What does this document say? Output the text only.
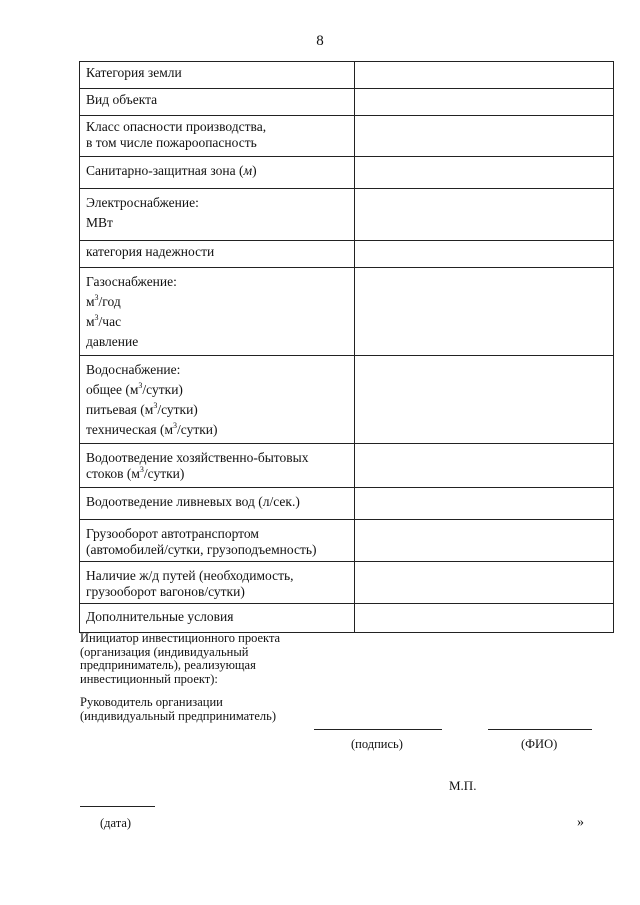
8
Категория земли	

Вид объекта	

Класс опасности производства,
в том числе пожароопасность	

Санитарно-защитная зона (м)	

Электроснабжение:
МВт	

категория надежности	

Газоснабжение:
$м^3$/год
$м^3$/час
давление	

Водоснабжение:
общее $(м^3/сутки)$
питьевая $(м^3/сутки)$
техническая $(м^3/сутки)$	

Водоотведение хозяйственно-бытовых
стоков $(м^3/сутки)$	

Водоотведение ливневых вод (л/сек.)	

Грузооборот автотранспортом
(автомобилей/сутки, грузоподъемность)	

Наличие ж/д путей (необходимость,
грузооборот вагонов/сутки)	

Дополнительные условия	

Инициатор инвестиционного проекта
(организация (индивидуальный
предприниматель), реализующая
инвестиционный проект):
Руководитель организации
(индивидуальный предприниматель)
(подпись)	(ФИО)
М.П.
(дата)	»
